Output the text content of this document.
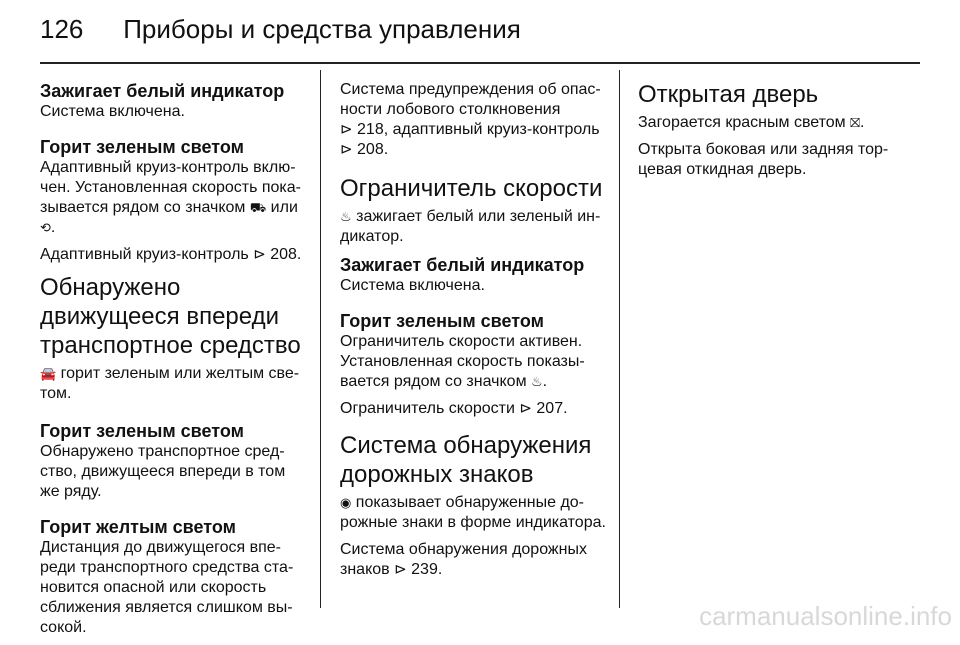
126 Приборы и средства управления
Зажигает белый индикатор

Система включена.

Горит зеленым светом

Адаптивный круиз-контроль вклю-
чен. Установленная скорость пока-
зывается рядом со значком ⛟ или
⟲.

Адаптивный круиз-контроль ⊳ 208.

Обнаружено
движущееся впереди
транспортное средство

🚘 горит зеленым или желтым све-
том.

Горит зеленым светом

Обнаружено транспортное сред-
ство, движущееся впереди в том
же ряду.

Горит желтым светом

Дистанция до движущегося впе-
реди транспортного средства ста-
новится опасной или скорость
сближения является слишком вы-
сокой.

Система предупреждения об опас-
ности лобового столкновения
⊳ 218, адаптивный круиз-контроль
⊳ 208.

Ограничитель скорости

♨ зажигает белый или зеленый ин-
дикатор.

Зажигает белый индикатор

Система включена.

Горит зеленым светом

Ограничитель скорости активен.
Установленная скорость показы-
вается рядом со значком ♨.

Ограничитель скорости ⊳ 207.

Система обнаружения
дорожных знаков

◉ показывает обнаруженные до-
рожные знаки в форме индикатора.

Система обнаружения дорожных
знаков ⊳ 239.

Открытая дверь

Загорается красным светом ⛝.

Открыта боковая или задняя тор-
цевая откидная дверь.

carmanualsonline.info
